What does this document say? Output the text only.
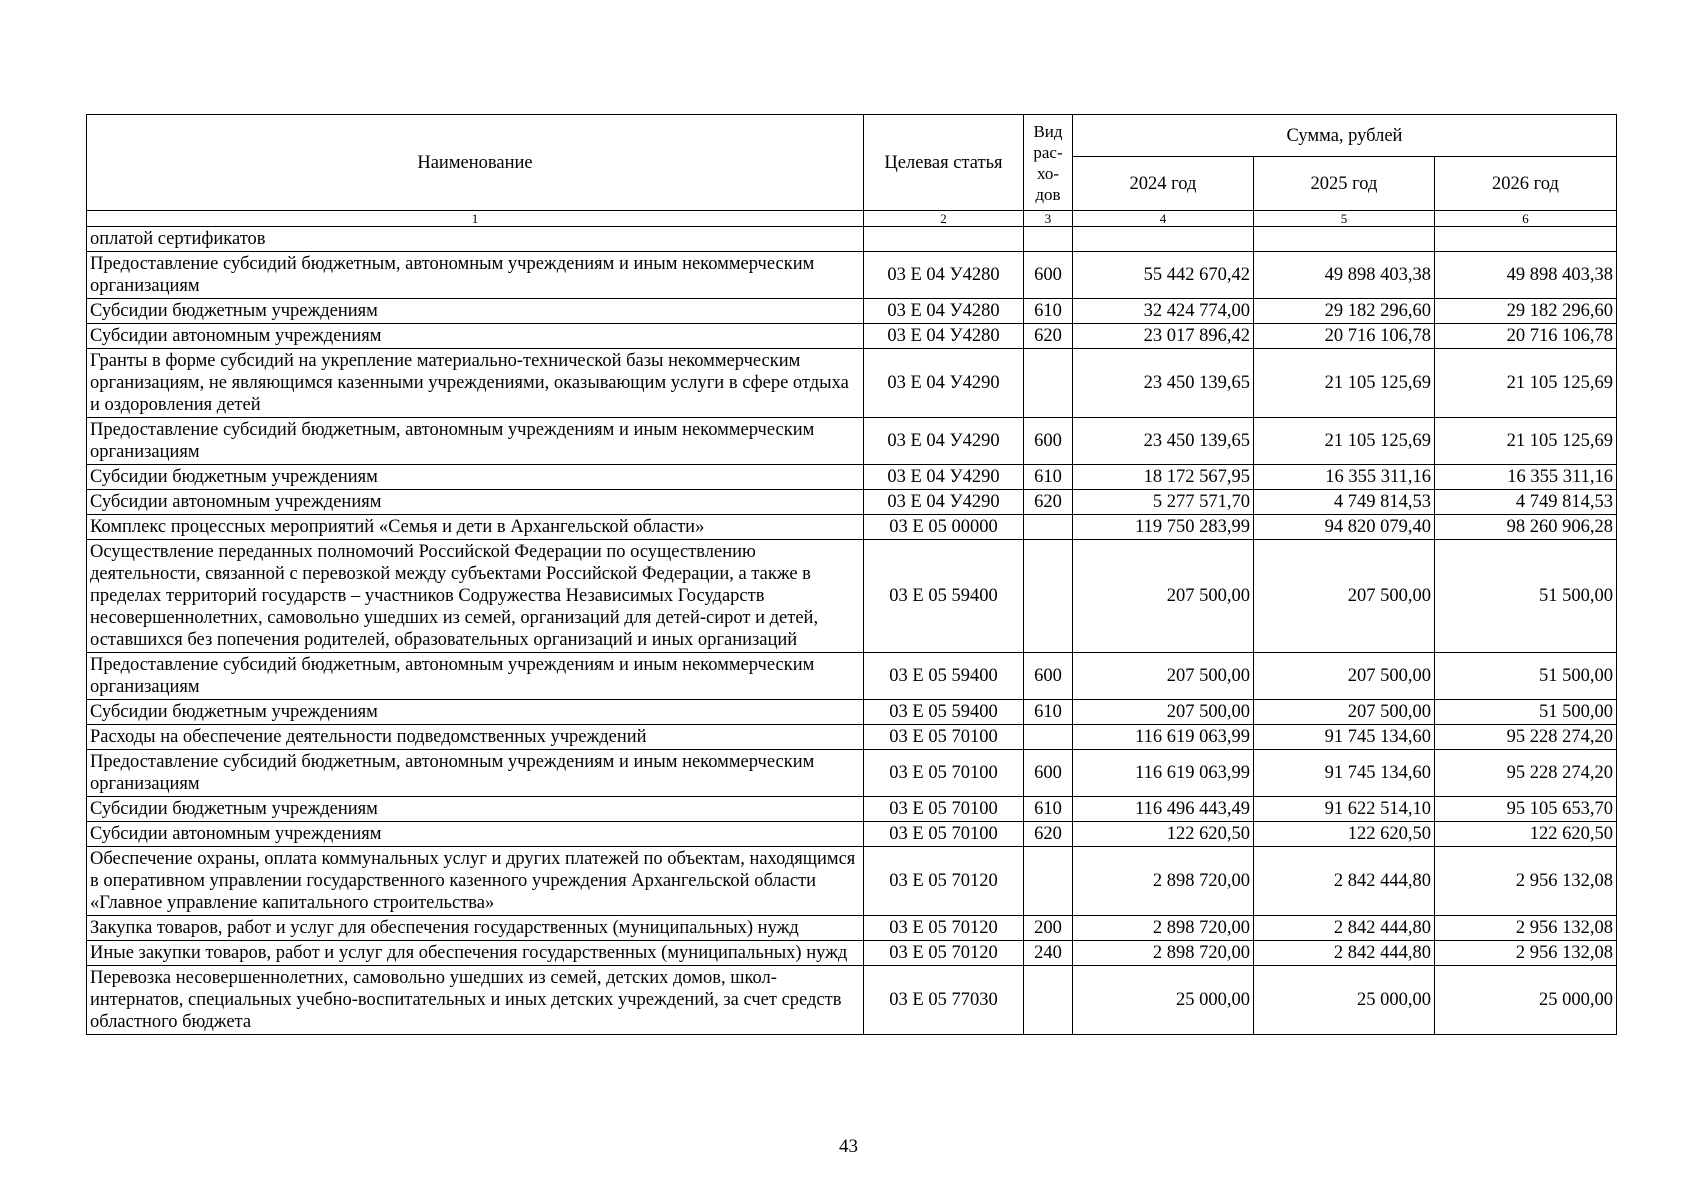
Наименование	Целевая статья	Вид рас-хо-дов	Сумма, рублей		
			2024 год	2025 год	2026 год
1	2	3	4	5	6
оплатой сертификатов					
Предоставление субсидий бюджетным, автономным учреждениям и иным некоммерческим организациям	03 Е 04 У4280	600	55 442 670,42	49 898 403,38	49 898 403,38
Субсидии бюджетным учреждениям	03 Е 04 У4280	610	32 424 774,00	29 182 296,60	29 182 296,60
Субсидии автономным учреждениям	03 Е 04 У4280	620	23 017 896,42	20 716 106,78	20 716 106,78
Гранты в форме субсидий на укрепление материально-технической базы некоммерческим организациям, не являющимся казенными учреждениями, оказывающим услуги в сфере отдыха и оздоровления детей	03 Е 04 У4290		23 450 139,65	21 105 125,69	21 105 125,69
Предоставление субсидий бюджетным, автономным учреждениям и иным некоммерческим организациям	03 Е 04 У4290	600	23 450 139,65	21 105 125,69	21 105 125,69
Субсидии бюджетным учреждениям	03 Е 04 У4290	610	18 172 567,95	16 355 311,16	16 355 311,16
Субсидии автономным учреждениям	03 Е 04 У4290	620	5 277 571,70	4 749 814,53	4 749 814,53
Комплекс процессных мероприятий «Семья и дети в Архангельской области»	03 Е 05 00000		119 750 283,99	94 820 079,40	98 260 906,28
Осуществление переданных полномочий Российской Федерации по осуществлению деятельности, связанной с перевозкой между субъектами Российской Федерации, а также в пределах территорий государств – участников Содружества Независимых Государств несовершеннолетних, самовольно ушедших из семей, организаций для детей-сирот и детей, оставшихся без попечения родителей, образовательных организаций и иных организаций	03 Е 05 59400		207 500,00	207 500,00	51 500,00
Предоставление субсидий бюджетным, автономным учреждениям и иным некоммерческим организациям	03 Е 05 59400	600	207 500,00	207 500,00	51 500,00
Субсидии бюджетным учреждениям	03 Е 05 59400	610	207 500,00	207 500,00	51 500,00
Расходы на обеспечение деятельности подведомственных учреждений	03 Е 05 70100		116 619 063,99	91 745 134,60	95 228 274,20
Предоставление субсидий бюджетным, автономным учреждениям и иным некоммерческим организациям	03 Е 05 70100	600	116 619 063,99	91 745 134,60	95 228 274,20
Субсидии бюджетным учреждениям	03 Е 05 70100	610	116 496 443,49	91 622 514,10	95 105 653,70
Субсидии автономным учреждениям	03 Е 05 70100	620	122 620,50	122 620,50	122 620,50
Обеспечение охраны, оплата коммунальных услуг и других платежей по объектам, находящимся в оперативном управлении государственного казенного учреждения Архангельской области «Главное управление капитального строительства»	03 Е 05 70120		2 898 720,00	2 842 444,80	2 956 132,08
Закупка товаров, работ и услуг для обеспечения государственных (муниципальных) нужд	03 Е 05 70120	200	2 898 720,00	2 842 444,80	2 956 132,08
Иные закупки товаров, работ и услуг для обеспечения государственных (муниципальных) нужд	03 Е 05 70120	240	2 898 720,00	2 842 444,80	2 956 132,08
Перевозка несовершеннолетних, самовольно ушедших из семей, детских домов, школ-интернатов, специальных учебно-воспитательных и иных детских учреждений, за счет средств областного бюджета	03 Е 05 77030		25 000,00	25 000,00	25 000,00
43
